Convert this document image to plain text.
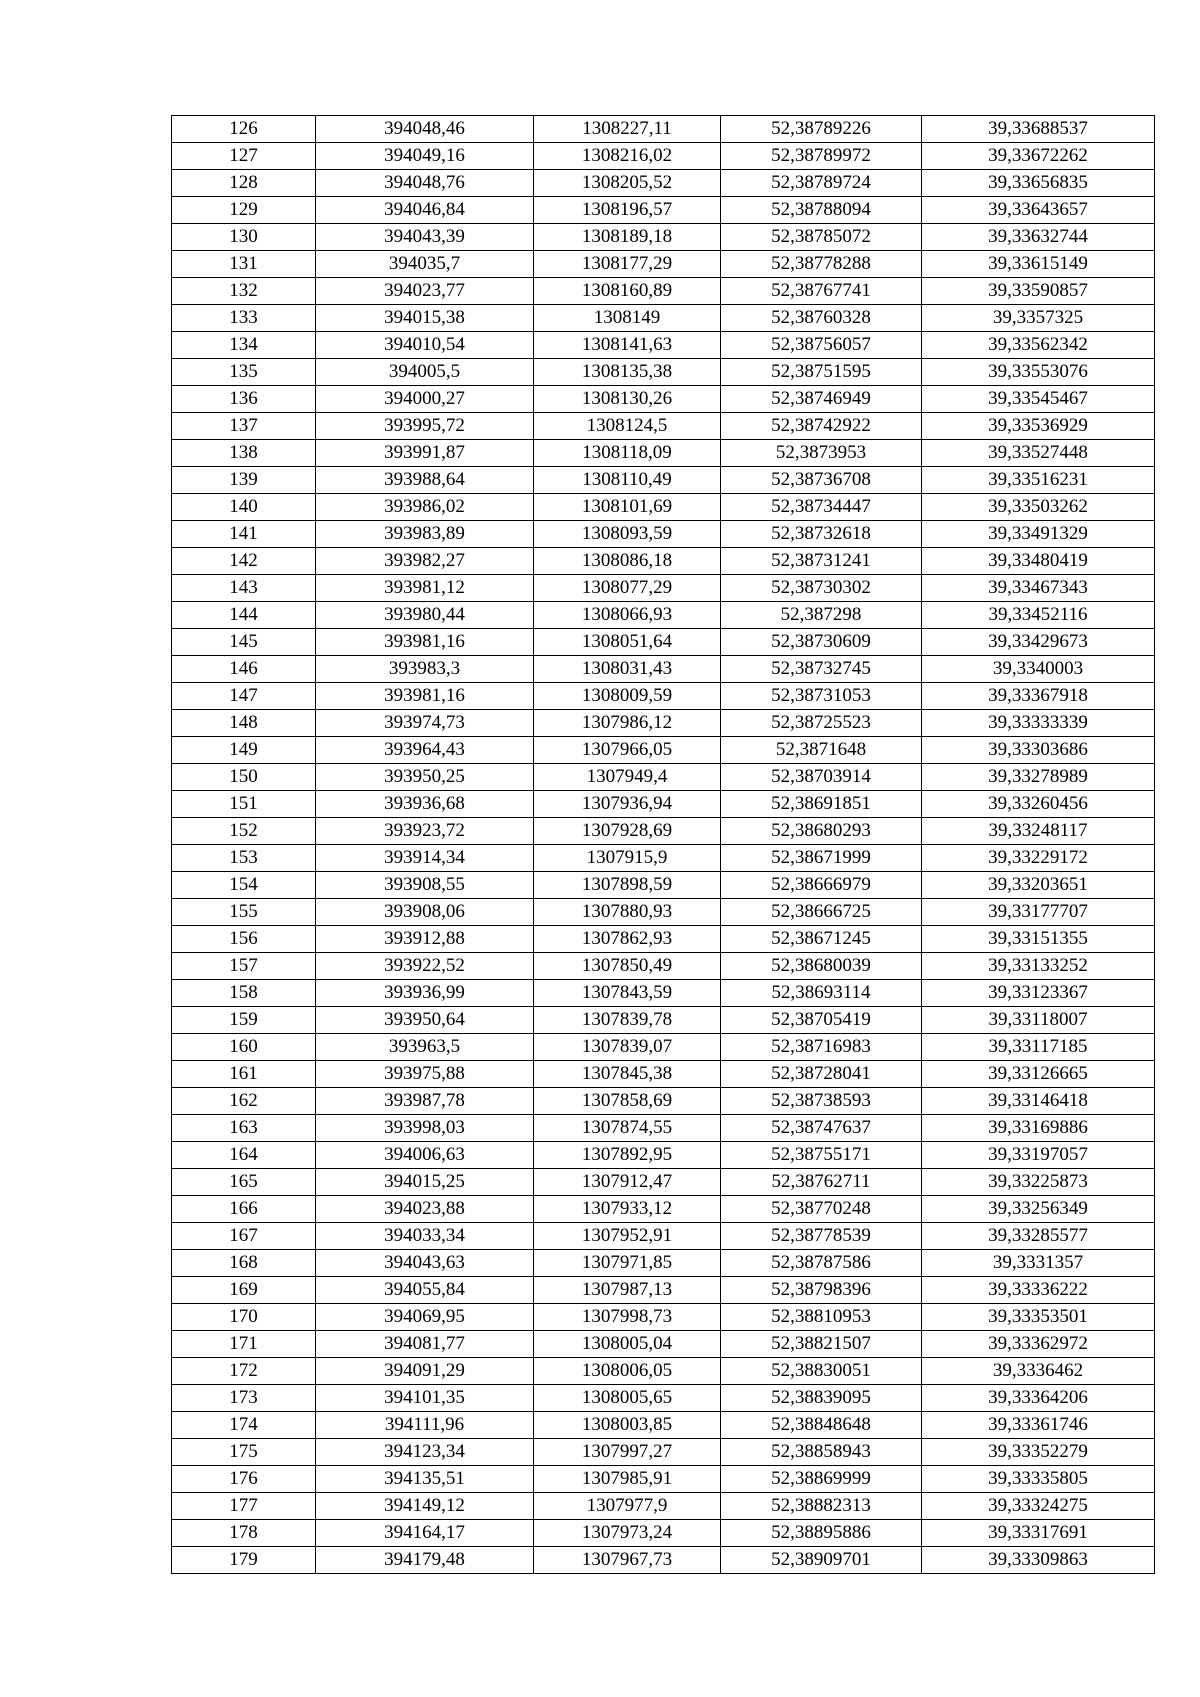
126	394048,46	1308227,11	52,38789226	39,33688537
127	394049,16	1308216,02	52,38789972	39,33672262
128	394048,76	1308205,52	52,38789724	39,33656835
129	394046,84	1308196,57	52,38788094	39,33643657
130	394043,39	1308189,18	52,38785072	39,33632744
131	394035,7	1308177,29	52,38778288	39,33615149
132	394023,77	1308160,89	52,38767741	39,33590857
133	394015,38	1308149	52,38760328	39,3357325
134	394010,54	1308141,63	52,38756057	39,33562342
135	394005,5	1308135,38	52,38751595	39,33553076
136	394000,27	1308130,26	52,38746949	39,33545467
137	393995,72	1308124,5	52,38742922	39,33536929
138	393991,87	1308118,09	52,3873953	39,33527448
139	393988,64	1308110,49	52,38736708	39,33516231
140	393986,02	1308101,69	52,38734447	39,33503262
141	393983,89	1308093,59	52,38732618	39,33491329
142	393982,27	1308086,18	52,38731241	39,33480419
143	393981,12	1308077,29	52,38730302	39,33467343
144	393980,44	1308066,93	52,387298	39,33452116
145	393981,16	1308051,64	52,38730609	39,33429673
146	393983,3	1308031,43	52,38732745	39,3340003
147	393981,16	1308009,59	52,38731053	39,33367918
148	393974,73	1307986,12	52,38725523	39,33333339
149	393964,43	1307966,05	52,3871648	39,33303686
150	393950,25	1307949,4	52,38703914	39,33278989
151	393936,68	1307936,94	52,38691851	39,33260456
152	393923,72	1307928,69	52,38680293	39,33248117
153	393914,34	1307915,9	52,38671999	39,33229172
154	393908,55	1307898,59	52,38666979	39,33203651
155	393908,06	1307880,93	52,38666725	39,33177707
156	393912,88	1307862,93	52,38671245	39,33151355
157	393922,52	1307850,49	52,38680039	39,33133252
158	393936,99	1307843,59	52,38693114	39,33123367
159	393950,64	1307839,78	52,38705419	39,33118007
160	393963,5	1307839,07	52,38716983	39,33117185
161	393975,88	1307845,38	52,38728041	39,33126665
162	393987,78	1307858,69	52,38738593	39,33146418
163	393998,03	1307874,55	52,38747637	39,33169886
164	394006,63	1307892,95	52,38755171	39,33197057
165	394015,25	1307912,47	52,38762711	39,33225873
166	394023,88	1307933,12	52,38770248	39,33256349
167	394033,34	1307952,91	52,38778539	39,33285577
168	394043,63	1307971,85	52,38787586	39,3331357
169	394055,84	1307987,13	52,38798396	39,33336222
170	394069,95	1307998,73	52,38810953	39,33353501
171	394081,77	1308005,04	52,38821507	39,33362972
172	394091,29	1308006,05	52,38830051	39,3336462
173	394101,35	1308005,65	52,38839095	39,33364206
174	394111,96	1308003,85	52,38848648	39,33361746
175	394123,34	1307997,27	52,38858943	39,33352279
176	394135,51	1307985,91	52,38869999	39,33335805
177	394149,12	1307977,9	52,38882313	39,33324275
178	394164,17	1307973,24	52,38895886	39,33317691
179	394179,48	1307967,73	52,38909701	39,33309863
